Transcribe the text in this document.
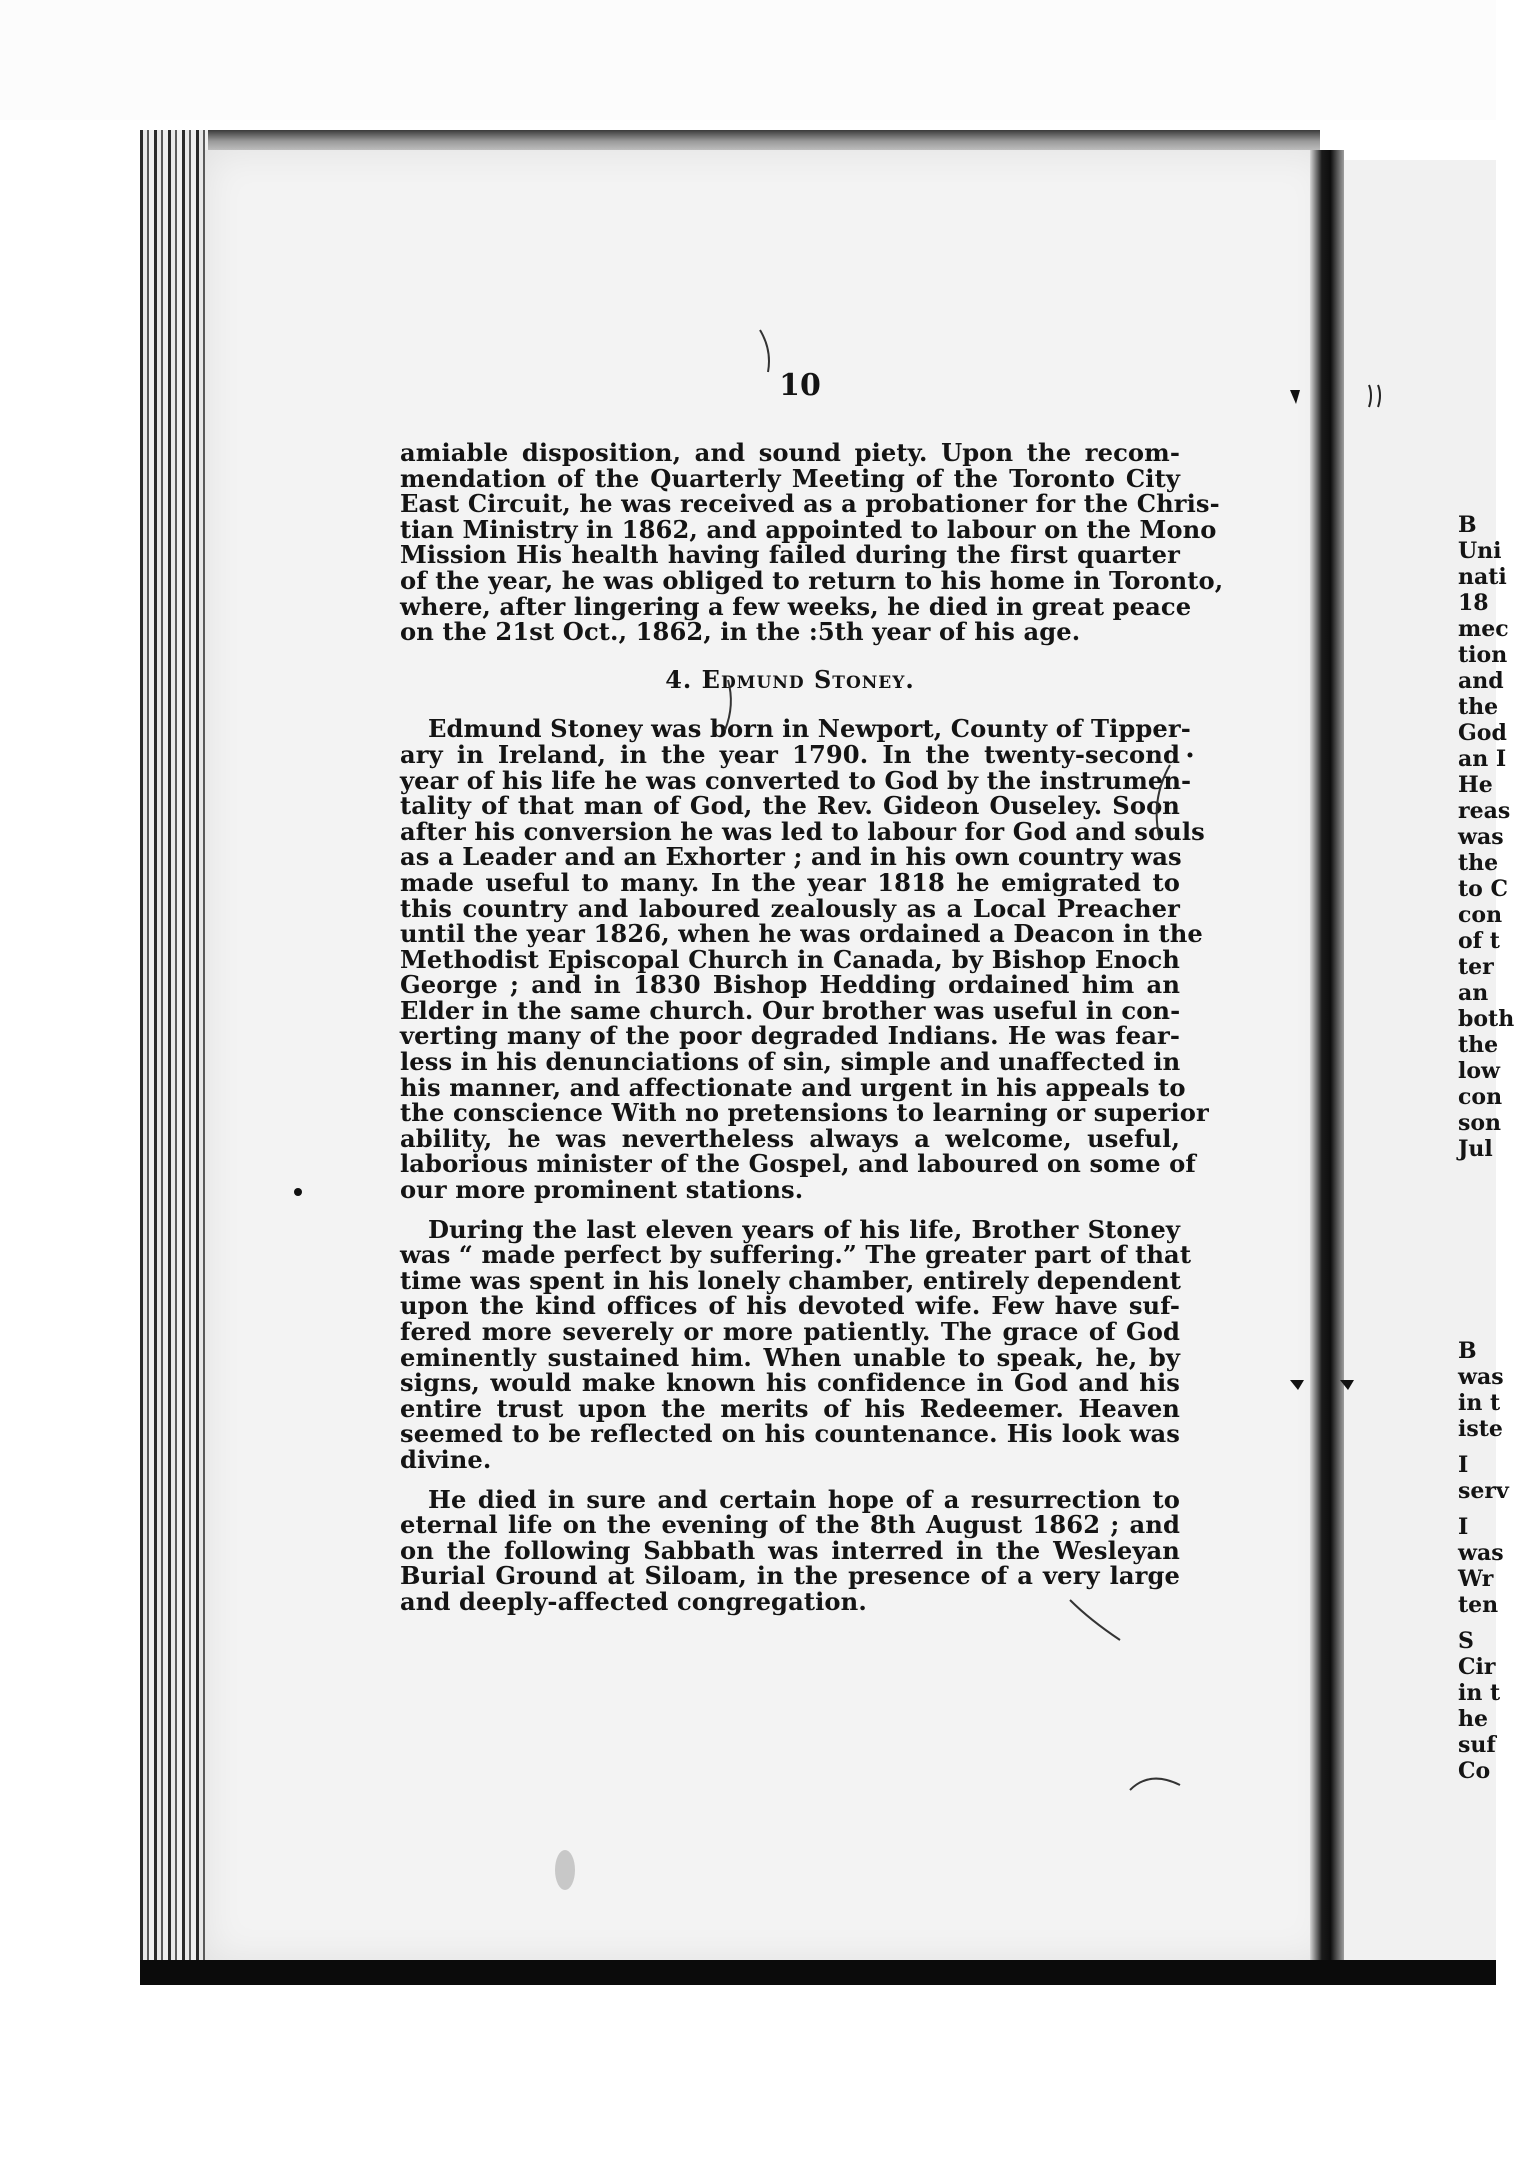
10
amiable disposition, and sound piety. Upon the recom-
mendation of the Quarterly Meeting of the Toronto City
East Circuit, he was received as a probationer for the Chris-
tian Ministry in 1862, and appointed to labour on the Mono
Mission His health having failed during the first quarter
of the year, he was obliged to return to his home in Toronto,
where, after lingering a few weeks, he died in great peace
on the 21st Oct., 1862, in the :5th year of his age.
4. Edmund Stoney.
Edmund Stoney was born in Newport, County of Tipper-
ary in Ireland, in the year 1790. In the twenty-second
year of his life he was converted to God by the instrumen-
tality of that man of God, the Rev. Gideon Ouseley. Soon
after his conversion he was led to labour for God and souls
as a Leader and an Exhorter ; and in his own country was
made useful to many. In the year 1818 he emigrated to
this country and laboured zealously as a Local Preacher
until the year 1826, when he was ordained a Deacon in the
Methodist Episcopal Church in Canada, by Bishop Enoch
George ; and in 1830 Bishop Hedding ordained him an
Elder in the same church. Our brother was useful in con-
verting many of the poor degraded Indians. He was fear-
less in his denunciations of sin, simple and unaffected in
his manner, and affectionate and urgent in his appeals to
the conscience With no pretensions to learning or superior
ability, he was nevertheless always a welcome, useful,
laborious minister of the Gospel, and laboured on some of
our more prominent stations.
During the last eleven years of his life, Brother Stoney
was “ made perfect by suffering.” The greater part of that
time was spent in his lonely chamber, entirely dependent
upon the kind offices of his devoted wife. Few have suf-
fered more severely or more patiently. The grace of God
eminently sustained him. When unable to speak, he, by
signs, would make known his confidence in God and his
entire trust upon the merits of his Redeemer. Heaven
seemed to be reflected on his countenance. His look was
divine.
He died in sure and certain hope of a resurrection to
eternal life on the evening of the 8th August 1862 ; and
on the following Sabbath was interred in the Wesleyan
Burial Ground at Siloam, in the presence of a very large
and deeply-affected congregation.
B
Uni
nati
18
mec
tion
and
the
God
an I
He
reas
was
the
to C
con
of t
ter
an
both
the
low
con
son
Jul
B
was
in t
iste
I
serv
I
was
Wr
ten
S
Cir
in t
he
suf
Co
